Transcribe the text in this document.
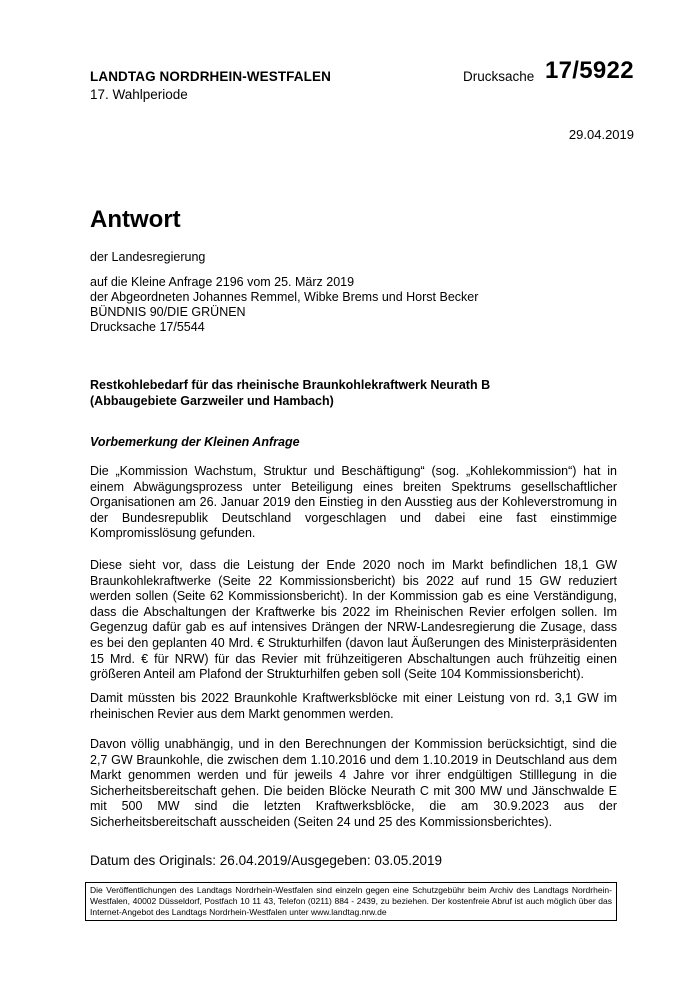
LANDTAG NORDRHEIN-WESTFALEN
17. Wahlperiode
Drucksache 17/5922
29.04.2019
Antwort
der Landesregierung
auf die Kleine Anfrage 2196 vom 25. März 2019
der Abgeordneten Johannes Remmel, Wibke Brems und Horst Becker
BÜNDNIS 90/DIE GRÜNEN
Drucksache 17/5544
Restkohlebedarf für das rheinische Braunkohlekraftwerk Neurath B
(Abbaugebiete Garzweiler und Hambach)
Vorbemerkung der Kleinen Anfrage

Die „Kommission Wachstum, Struktur und Beschäftigung“ (sog. „Kohlekommission“) hat in einem Abwägungsprozess unter Beteiligung eines breiten Spektrums gesellschaftlicher Organisationen am 26. Januar 2019 den Einstieg in den Ausstieg aus der Kohleverstromung in der Bundesrepublik Deutschland vorgeschlagen und dabei eine fast einstimmige Kompromisslösung gefunden.

Diese sieht vor, dass die Leistung der Ende 2020 noch im Markt befindlichen 18,1 GW Braunkohlekraftwerke (Seite 22 Kommissionsbericht) bis 2022 auf rund 15 GW reduziert werden sollen (Seite 62 Kommissionsbericht). In der Kommission gab es eine Verständigung, dass die Abschaltungen der Kraftwerke bis 2022 im Rheinischen Revier erfolgen sollen. Im Gegenzug dafür gab es auf intensives Drängen der NRW-Landesregierung die Zusage, dass es bei den geplanten 40 Mrd. € Strukturhilfen (davon laut Äußerungen des Ministerpräsidenten 15 Mrd. € für NRW) für das Revier mit frühzeitigeren Abschaltungen auch frühzeitig einen größeren Anteil am Plafond der Strukturhilfen geben soll (Seite 104 Kommissionsbericht).

Damit müssten bis 2022 Braunkohle Kraftwerksblöcke mit einer Leistung von rd. 3,1 GW im rheinischen Revier aus dem Markt genommen werden.

Davon völlig unabhängig, und in den Berechnungen der Kommission berücksichtigt, sind die 2,7 GW Braunkohle, die zwischen dem 1.10.2016 und dem 1.10.2019 in Deutschland aus dem Markt genommen werden und für jeweils 4 Jahre vor ihrer endgültigen Stilllegung in die Sicherheitsbereitschaft gehen. Die beiden Blöcke Neurath C mit 300 MW und Jänschwalde E mit 500 MW sind die letzten Kraftwerksblöcke, die am 30.9.2023 aus der Sicherheitsbereitschaft ausscheiden (Seiten 24 und 25 des Kommissionsberichtes).

Datum des Originals: 26.04.2019/Ausgegeben: 03.05.2019
Die Veröffentlichungen des Landtags Nordrhein-Westfalen sind einzeln gegen eine Schutzgebühr beim Archiv des Landtags Nordrhein-Westfalen, 40002 Düsseldorf, Postfach 10 11 43, Telefon (0211) 884 - 2439, zu beziehen. Der kostenfreie Abruf ist auch möglich über das Internet-Angebot des Landtags Nordrhein-Westfalen unter www.landtag.nrw.de
